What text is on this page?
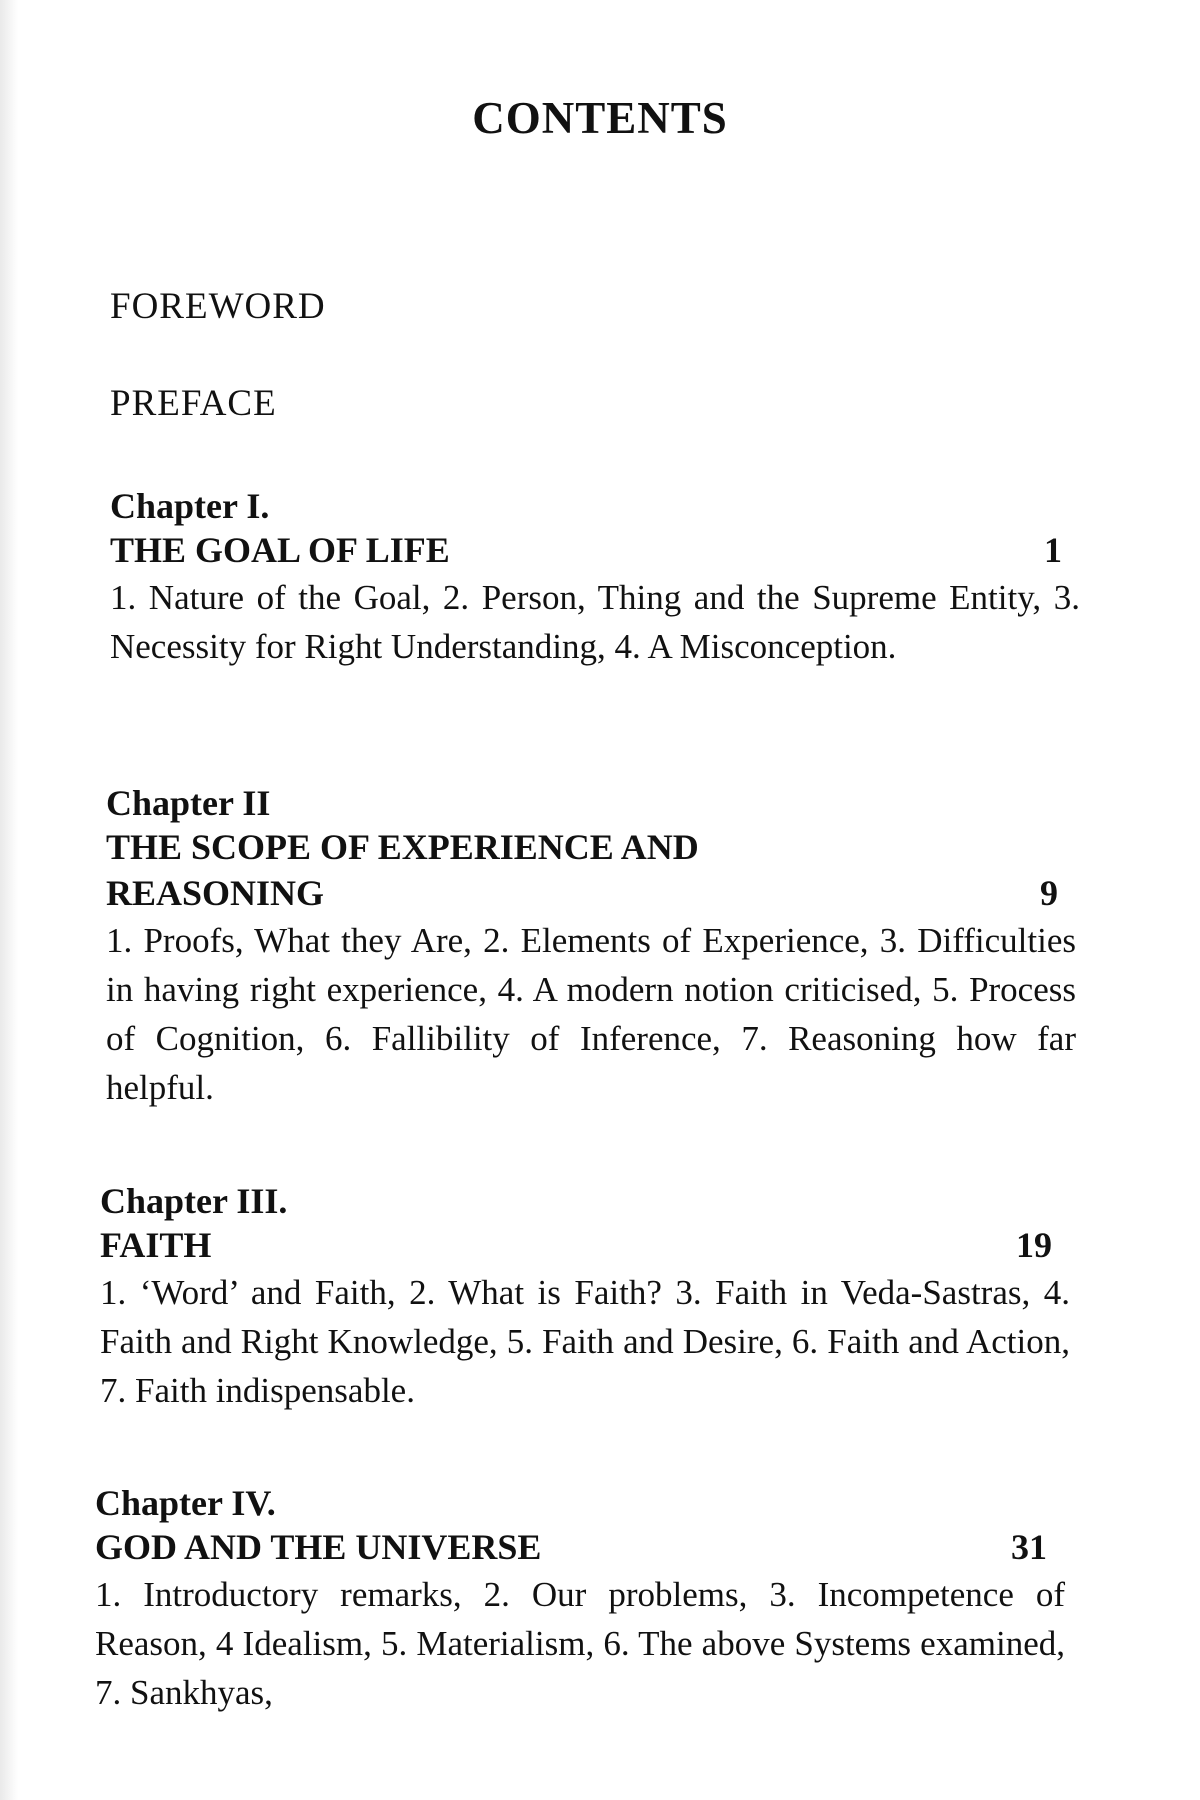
CONTENTS

FOREWORD

PREFACE

Chapter I.

THE GOAL OF LIFE	1

1. Nature of the Goal, 2. Person, Thing and the Supreme Entity, 3. Necessity for Right Understanding, 4. A Misconception.

Chapter II

THE SCOPE OF EXPERIENCE AND REASONING	9

1. Proofs, What they Are, 2. Elements of Experience, 3. Difficulties in having right experience, 4. A modern notion criticised, 5. Process of Cognition, 6. Fallibility of Inference, 7. Reasoning how far helpful.

Chapter III.

FAITH	19

1. ‘Word’ and Faith, 2. What is Faith? 3. Faith in Veda-Sastras, 4. Faith and Right Knowledge, 5. Faith and Desire, 6. Faith and Action, 7. Faith indispensable.

Chapter IV.

GOD AND THE UNIVERSE	31

1. Introductory remarks, 2. Our problems, 3. Incompetence of Reason, 4 Idealism, 5. Materialism, 6. The above Systems examined, 7. Sankhyas,
